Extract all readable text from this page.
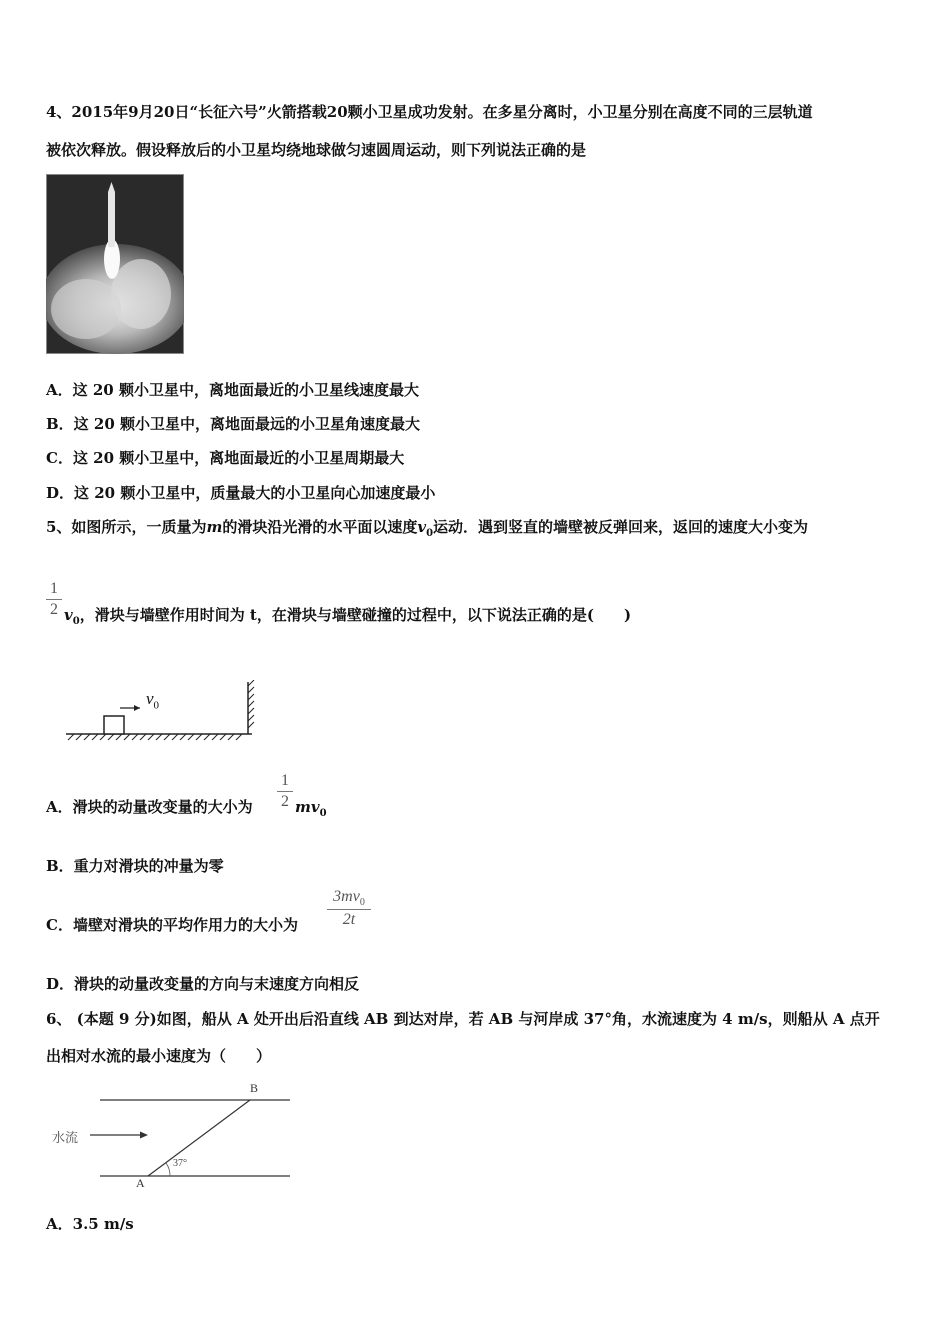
4、2015年9月20日“长征六号”火箭搭载20颗小卫星成功发射。在多星分离时，小卫星分别在高度不同的三层轨道
被依次释放。假设释放后的小卫星均绕地球做匀速圆周运动，则下列说法正确的是
A．这 20 颗小卫星中，离地面最近的小卫星线速度最大
B．这 20 颗小卫星中，离地面最远的小卫星角速度最大
C．这 20 颗小卫星中，离地面最近的小卫星周期最大
D．这 20 颗小卫星中，质量最大的小卫星向心加速度最小
5、如图所示，一质量为m的滑块沿光滑的水平面以速度$v_0$运动．遇到竖直的墙壁被反弹回来，返回的速度大小变为
1
2 $v_0$，滑块与墙壁作用时间为 t，在滑块与墙壁碰撞的过程中，以下说法正确的是(　　)
$v_0$
A．滑块的动量改变量的大小为
1
2 $mv_0$
B．重力对滑块的冲量为零
C．墙壁对滑块的平均作用力的大小为
$3mv_0$
2t
D．滑块的动量改变量的方向与末速度方向相反
6、 (本题 9 分)如图，船从 A 处开出后沿直线 AB 到达对岸，若 AB 与河岸成 37°角，水流速度为 4 m/s，则船从 A 点开
出相对水流的最小速度为（　　）
水流
A
B
37°
A．3.5 m/s
